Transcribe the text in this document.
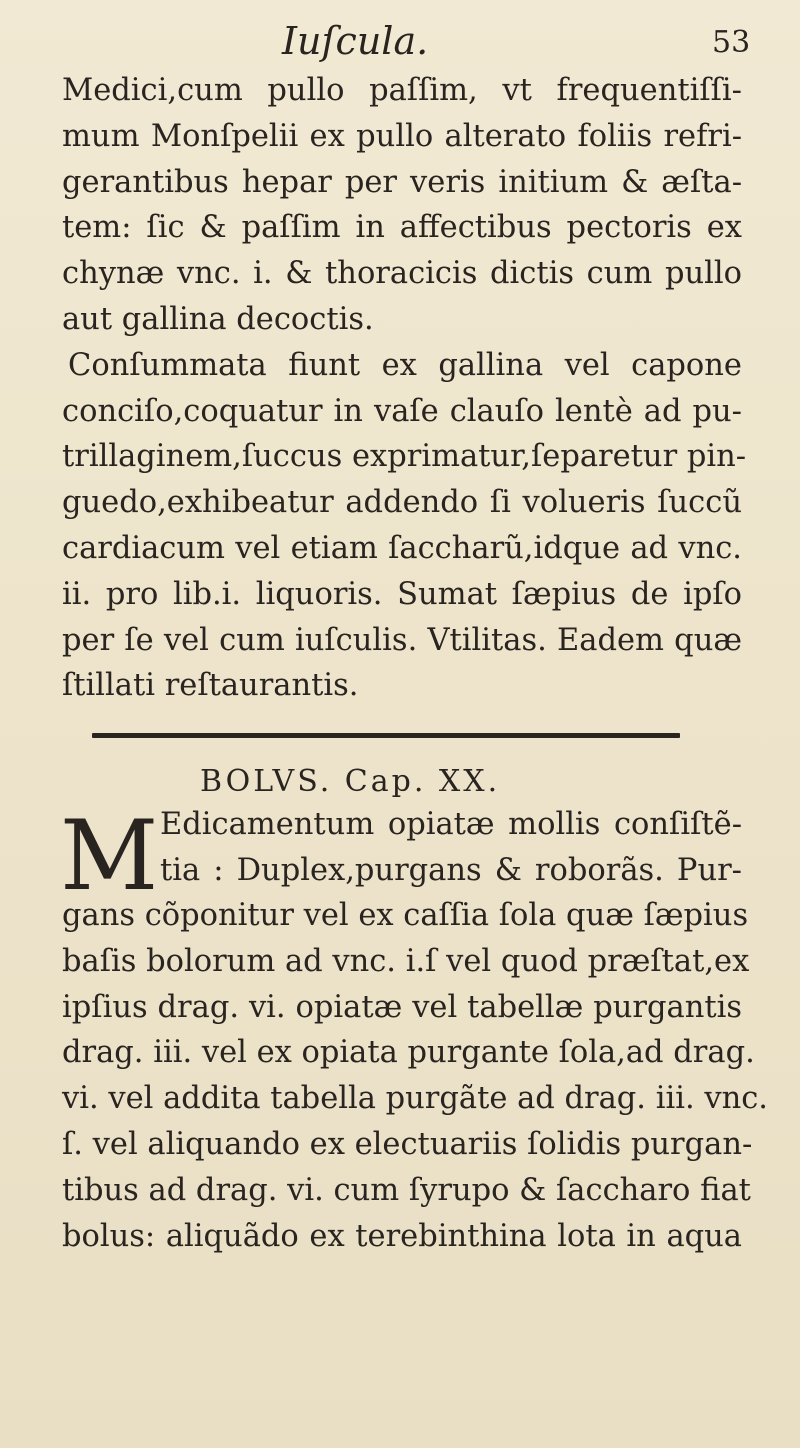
Iuſcula.	53
Medici,cum pullo paſſim, vt frequentiſſi-
mum Monſpelii ex pullo alterato foliis refri-
gerantibus hepar per veris initium & æſta-
tem: ſic & paſſim in affectibus pectoris ex
chynæ vnc. i. & thoracicis dictis cum pullo
aut gallina decoctis.
Conſummata fiunt ex gallina vel capone
conciſo,coquatur in vaſe clauſo lentè ad pu-
trillaginem,ſuccus exprimatur,ſeparetur pin-
guedo,exhibeatur addendo ſi volueris ſuccũ
cardiacum vel etiam ſaccharũ,idque ad vnc.
ii. pro lib.i. liquoris. Sumat ſæpius de ipſo
per ſe vel cum iuſculis. Vtilitas. Eadem quæ
ſtillati reſtaurantis.
BOLVS. Cap. XX.
M Edicamentum opiatæ mollis conſiſtẽ-
tia : Duplex,purgans & roborãs. Pur-
gans cõponitur vel ex caſſia ſola quæ ſæpius
baſis bolorum ad vnc. i.ſ vel quod præſtat,ex
ipſius drag. vi. opiatæ vel tabellæ purgantis
drag. iii. vel ex opiata purgante ſola,ad drag.
vi. vel addita tabella purgãte ad drag. iii. vnc.
ſ. vel aliquando ex electuariis ſolidis purgan-
tibus ad drag. vi. cum ſyrupo & ſaccharo fiat
bolus: aliquãdo ex terebinthina lota in aqua
